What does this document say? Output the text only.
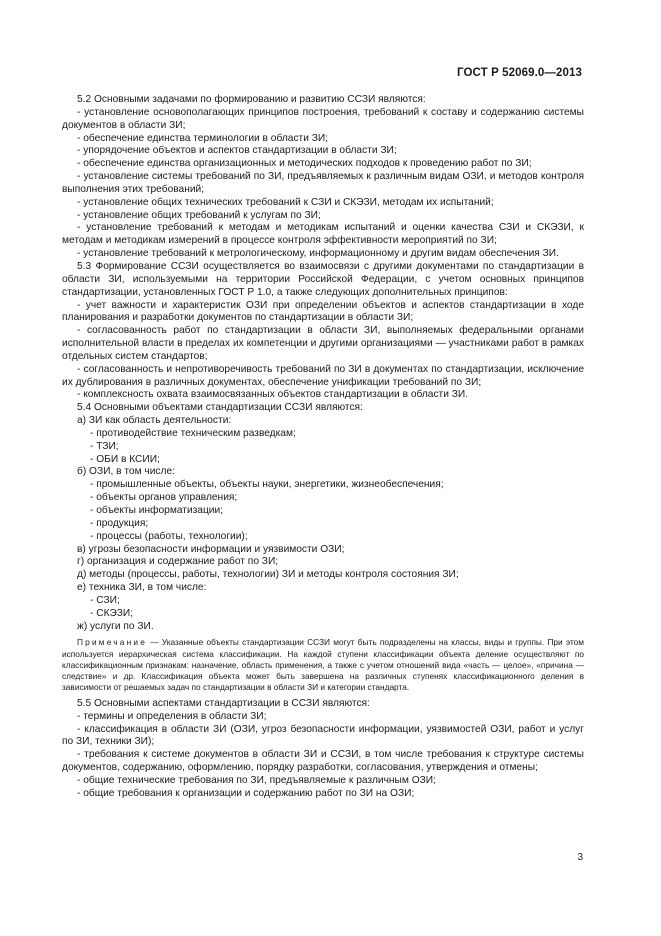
ГОСТ Р 52069.0—2013

5.2 Основными задачами по формированию и развитию ССЗИ являются:

- установление основополагающих принципов построения, требований к составу и содержанию системы документов в области ЗИ;

- обеспечение единства терминологии в области ЗИ;

- упорядочение объектов и аспектов стандартизации в области ЗИ;

- обеспечение единства организационных и методических подходов к проведению работ по ЗИ;

- установление системы требований по ЗИ, предъявляемых к различным видам ОЗИ, и методов контроля выполнения этих требований;

- установление общих технических требований к СЗИ и СКЭЗИ, методам их испытаний;

- установление общих требований к услугам по ЗИ;

- установление требований к методам и методикам испытаний и оценки качества СЗИ и СКЭЗИ, к методам и методикам измерений в процессе контроля эффективности мероприятий по ЗИ;

- установление требований к метрологическому, информационному и другим видам обеспечения ЗИ.

5.3 Формирование ССЗИ осуществляется во взаимосвязи с другими документами по стандартизации в области ЗИ, используемыми на территории Российской Федерации, с учетом основных принципов стандартизации, установленных ГОСТ Р 1.0, а также следующих дополнительных принципов:

- учет важности и характеристик ОЗИ при определении объектов и аспектов стандартизации в ходе планирования и разработки документов по стандартизации в области ЗИ;

- согласованность работ по стандартизации в области ЗИ, выполняемых федеральными органами исполнительной власти в пределах их компетенции и другими организациями — участниками работ в рамках отдельных систем стандартов;

- согласованность и непротиворечивость требований по ЗИ в документах по стандартизации, исключение их дублирования в различных документах, обеспечение унификации требований по ЗИ;

- комплексность охвата взаимосвязанных объектов стандартизации в области ЗИ.

5.4 Основными объектами стандартизации ССЗИ являются:

а) ЗИ как область деятельности:

- противодействие техническим разведкам;

- ТЗИ;

- ОБИ в КСИИ;

б) ОЗИ, в том числе:

- промышленные объекты, объекты науки, энергетики, жизнеобеспечения;

- объекты органов управления;

- объекты информатизации;

- продукция;

- процессы (работы, технологии);

в) угрозы безопасности информации и уязвимости ОЗИ;

г) организация и содержание работ по ЗИ;

д) методы (процессы, работы, технологии) ЗИ и методы контроля состояния ЗИ;

е) техника ЗИ, в том числе:

- СЗИ;

- СКЭЗИ;

ж) услуги по ЗИ.

Примечание — Указанные объекты стандартизации ССЗИ могут быть подразделены на классы, виды и группы. При этом используется иерархическая система классификации. На каждой ступени классификации объекта деление осуществляют по классификационным признакам: назначение, область применения, а также с учетом отношений вида «часть — целое», «причина — следствие» и др. Классификация объекта может быть завершена на различных ступенях классификационного деления в зависимости от решаемых задач по стандартизации в области ЗИ и категории стандарта.

5.5 Основными аспектами стандартизации в ССЗИ являются:

- термины и определения в области ЗИ;

- классификация в области ЗИ (ОЗИ, угроз безопасности информации, уязвимостей ОЗИ, работ и услуг по ЗИ, техники ЗИ);

- требования к системе документов в области ЗИ и ССЗИ, в том числе требования к структуре системы документов, содержанию, оформлению, порядку разработки, согласования, утверждения и отмены;

- общие технические требования по ЗИ, предъявляемые к различным ОЗИ;

- общие требования к организации и содержанию работ по ЗИ на ОЗИ;

3
